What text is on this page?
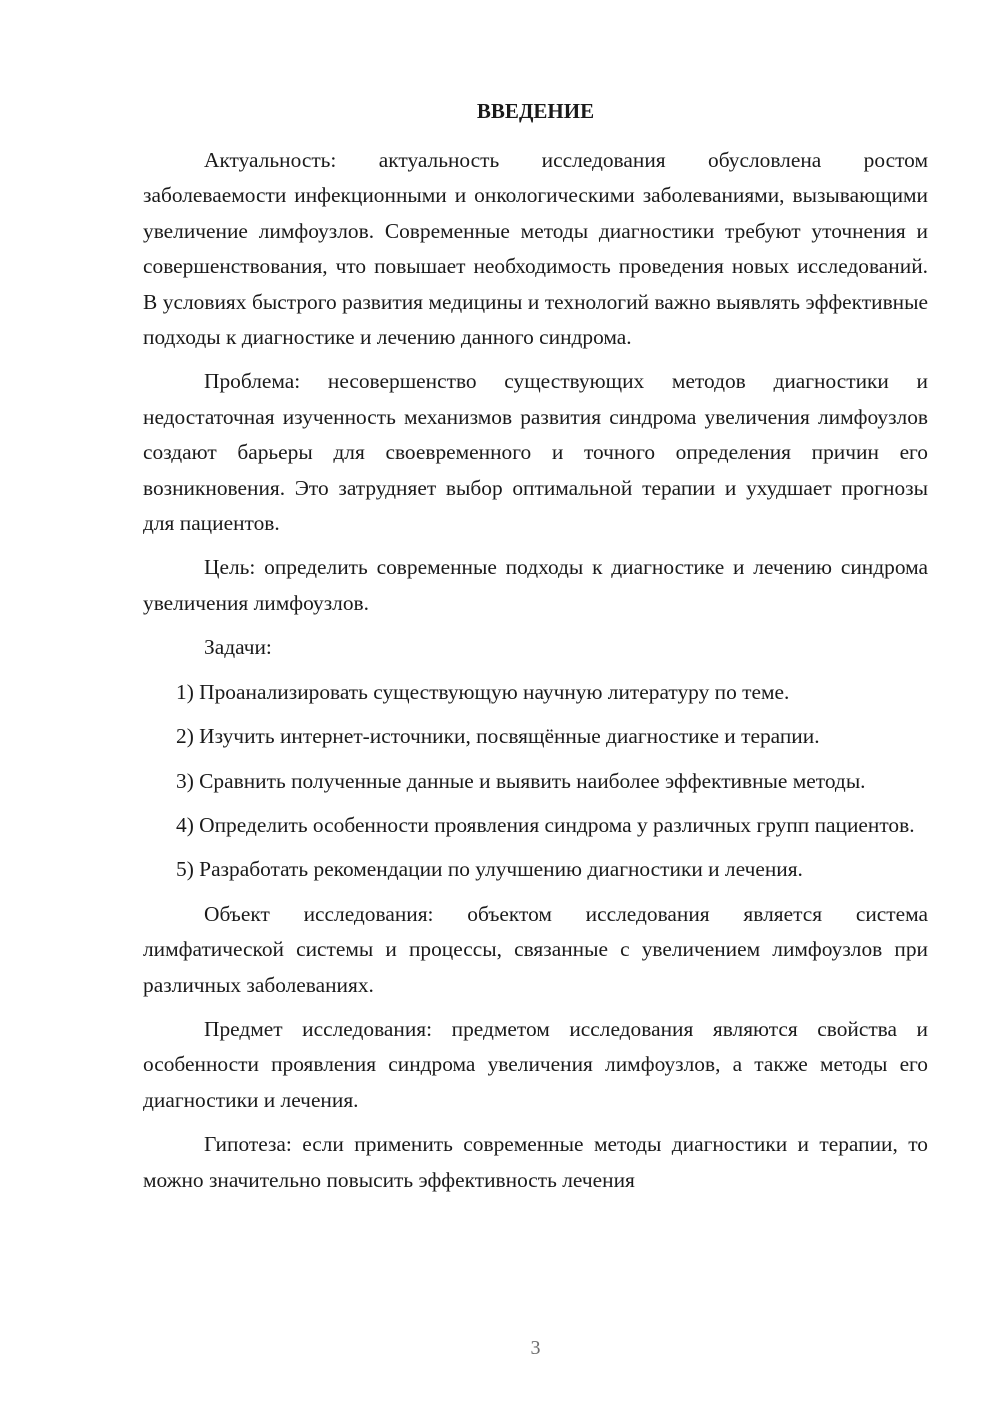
ВВЕДЕНИЕ

Актуальность: актуальность исследования обусловлена ростом заболеваемости инфекционными и онкологическими заболеваниями, вызывающими увеличение лимфоузлов. Современные методы диагностики требуют уточнения и совершенствования, что повышает необходимость проведения новых исследований. В условиях быстрого развития медицины и технологий важно выявлять эффективные подходы к диагностике и лечению данного синдрома.

Проблема: несовершенство существующих методов диагностики и недостаточная изученность механизмов развития синдрома увеличения лимфоузлов создают барьеры для своевременного и точного определения причин его возникновения. Это затрудняет выбор оптимальной терапии и ухудшает прогнозы для пациентов.

Цель: определить современные подходы к диагностике и лечению синдрома увеличения лимфоузлов.

Задачи:

1) Проанализировать существующую научную литературу по теме.

2) Изучить интернет-источники, посвящённые диагностике и терапии.

3) Сравнить полученные данные и выявить наиболее эффективные методы.

4) Определить особенности проявления синдрома у различных групп пациентов.

5) Разработать рекомендации по улучшению диагностики и лечения.

Объект исследования: объектом исследования является система лимфатической системы и процессы, связанные с увеличением лимфоузлов при различных заболеваниях.

Предмет исследования: предметом исследования являются свойства и особенности проявления синдрома увеличения лимфоузлов, а также методы его диагностики и лечения.

Гипотеза: если применить современные методы диагностики и терапии, то можно значительно повысить эффективность лечения

3
